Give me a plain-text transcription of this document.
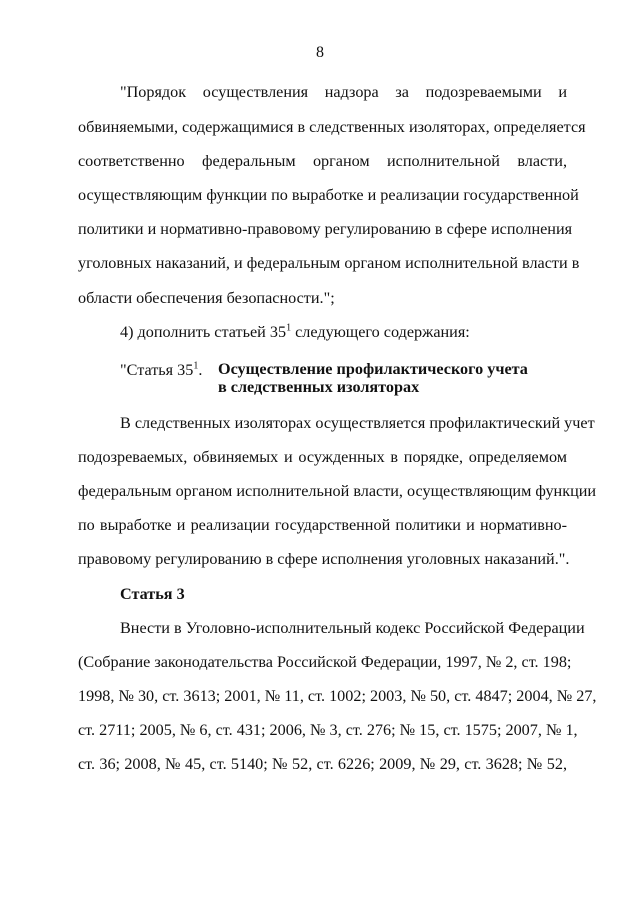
8
"Порядок осуществления надзора за подозреваемыми и
обвиняемыми, содержащимися в следственных изоляторах, определяется
соответственно федеральным органом исполнительной власти,
осуществляющим функции по выработке и реализации государственной
политики и нормативно-правовому регулированию в сфере исполнения
уголовных наказаний, и федеральным органом исполнительной власти в
области обеспечения безопасности.";
4) дополнить статьей $35^1$ следующего содержания:
"Статья $35^1$. Осуществление профилактического учета
в следственных изоляторах
В следственных изоляторах осуществляется профилактический учет
подозреваемых, обвиняемых и осужденных в порядке, определяемом
федеральным органом исполнительной власти, осуществляющим функции
по выработке и реализации государственной политики и нормативно-
правовому регулированию в сфере исполнения уголовных наказаний.".
Статья 3
Внести в Уголовно-исполнительный кодекс Российской Федерации
(Собрание законодательства Российской Федерации, 1997, № 2, ст. 198;
1998, № 30, ст. 3613; 2001, № 11, ст. 1002; 2003, № 50, ст. 4847; 2004, № 27,
ст. 2711; 2005, № 6, ст. 431; 2006, № 3, ст. 276; № 15, ст. 1575; 2007, № 1,
ст. 36; 2008, № 45, ст. 5140; № 52, ст. 6226; 2009, № 29, ст. 3628; № 52,
